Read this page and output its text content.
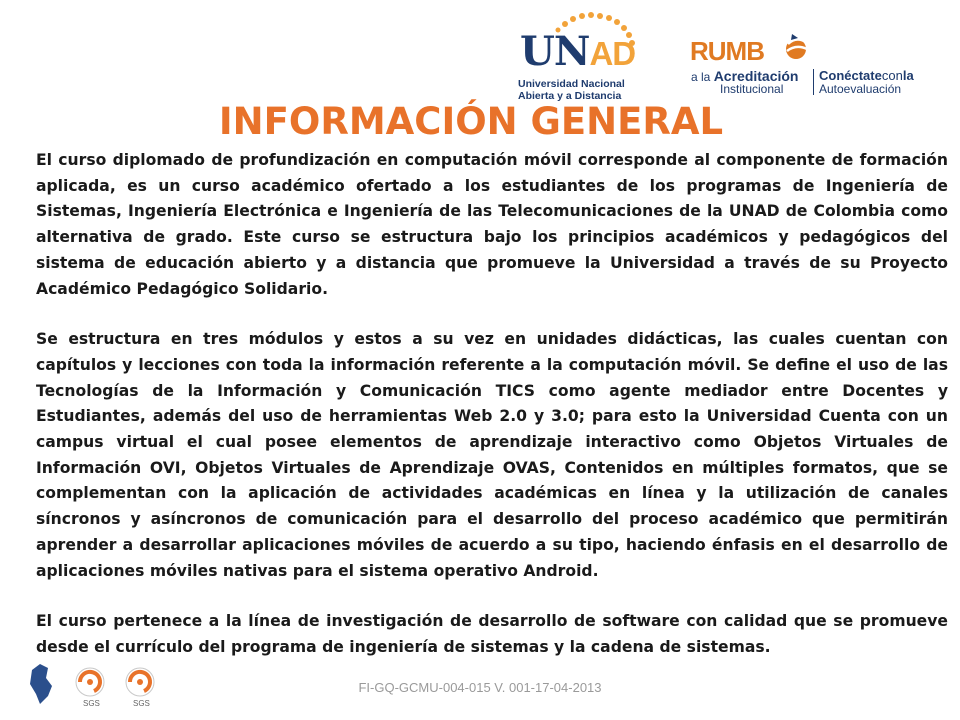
UNAD
Universidad Nacional
Abierta y a Distancia
RUMB
a la Acreditación
Institucional
Conéctateconla
Autoevaluación
INFORMACIÓN GENERAL

El curso diplomado de profundización en computación móvil corresponde al componente de formación aplicada, es un curso académico ofertado a los estudiantes de los programas de Ingeniería de Sistemas, Ingeniería Electrónica e Ingeniería de las Telecomunicaciones de la UNAD de Colombia como alternativa de grado. Este curso se estructura bajo los principios académicos y pedagógicos del sistema de educación abierto y a distancia que promueve la Universidad a través de su Proyecto Académico Pedagógico Solidario.

Se estructura en tres módulos y estos a su vez en unidades didácticas, las cuales cuentan con capítulos y lecciones con toda la información referente a la computación móvil. Se define el uso de las Tecnologías de la Información y Comunicación TICS como agente mediador entre Docentes y Estudiantes, además del uso de herramientas Web 2.0 y 3.0; para esto la Universidad Cuenta con un campus virtual el cual posee elementos de aprendizaje interactivo como Objetos Virtuales de Información OVI, Objetos Virtuales de Aprendizaje OVAS, Contenidos en múltiples formatos, que se complementan con la aplicación de actividades académicas en línea y la utilización de canales síncronos y asíncronos de comunicación para el desarrollo del proceso académico que permitirán aprender a desarrollar aplicaciones móviles de acuerdo a su tipo, haciendo énfasis en el desarrollo de aplicaciones móviles nativas para el sistema operativo Android.

El curso pertenece a la línea de investigación de desarrollo de software con calidad que se promueve desde el currículo del programa de ingeniería de sistemas y la cadena de sistemas.

SGS	SGS
FI-GQ-GCMU-004-015 V. 001-17-04-2013
